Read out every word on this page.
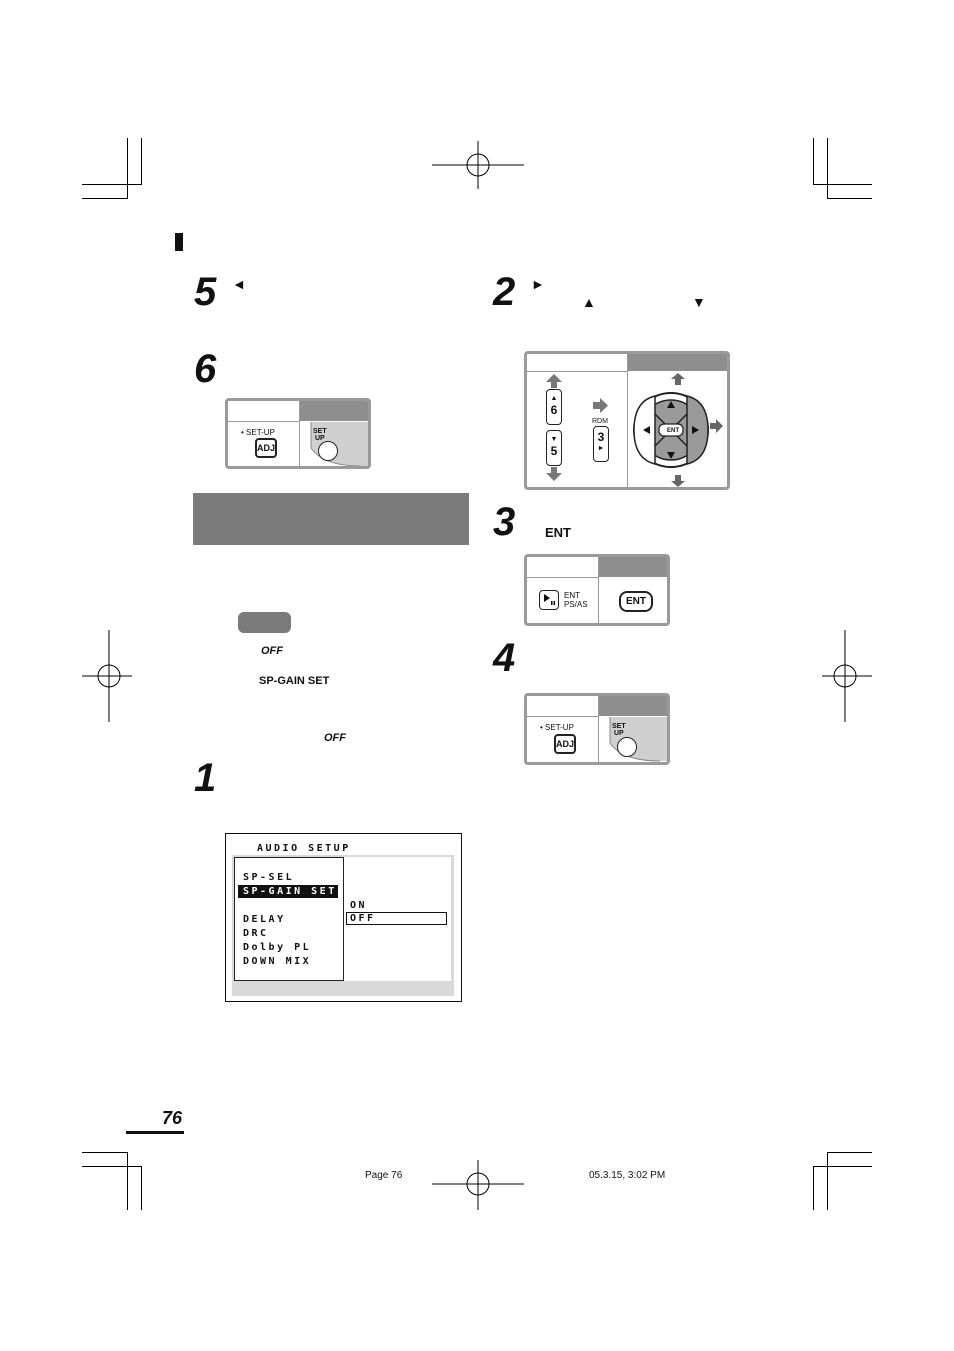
5 ◄
6
• SET-UP
ADJ
SET
UP
2 ►
▲	▼
▲
6
▼
5
RDM
3
►
ENT
3 ENT
ENT
PS/AS	ENT
4
• SET-UP
ADJ
SET
UP
OFF
SP-GAIN SET
OFF
1
AUDIO SETUP
SP-SEL
SP-GAIN SET
DELAY
DRC
Dolby PL
DOWN MIX
ON
OFF
76
Page 76	05.3.15, 3:02 PM
